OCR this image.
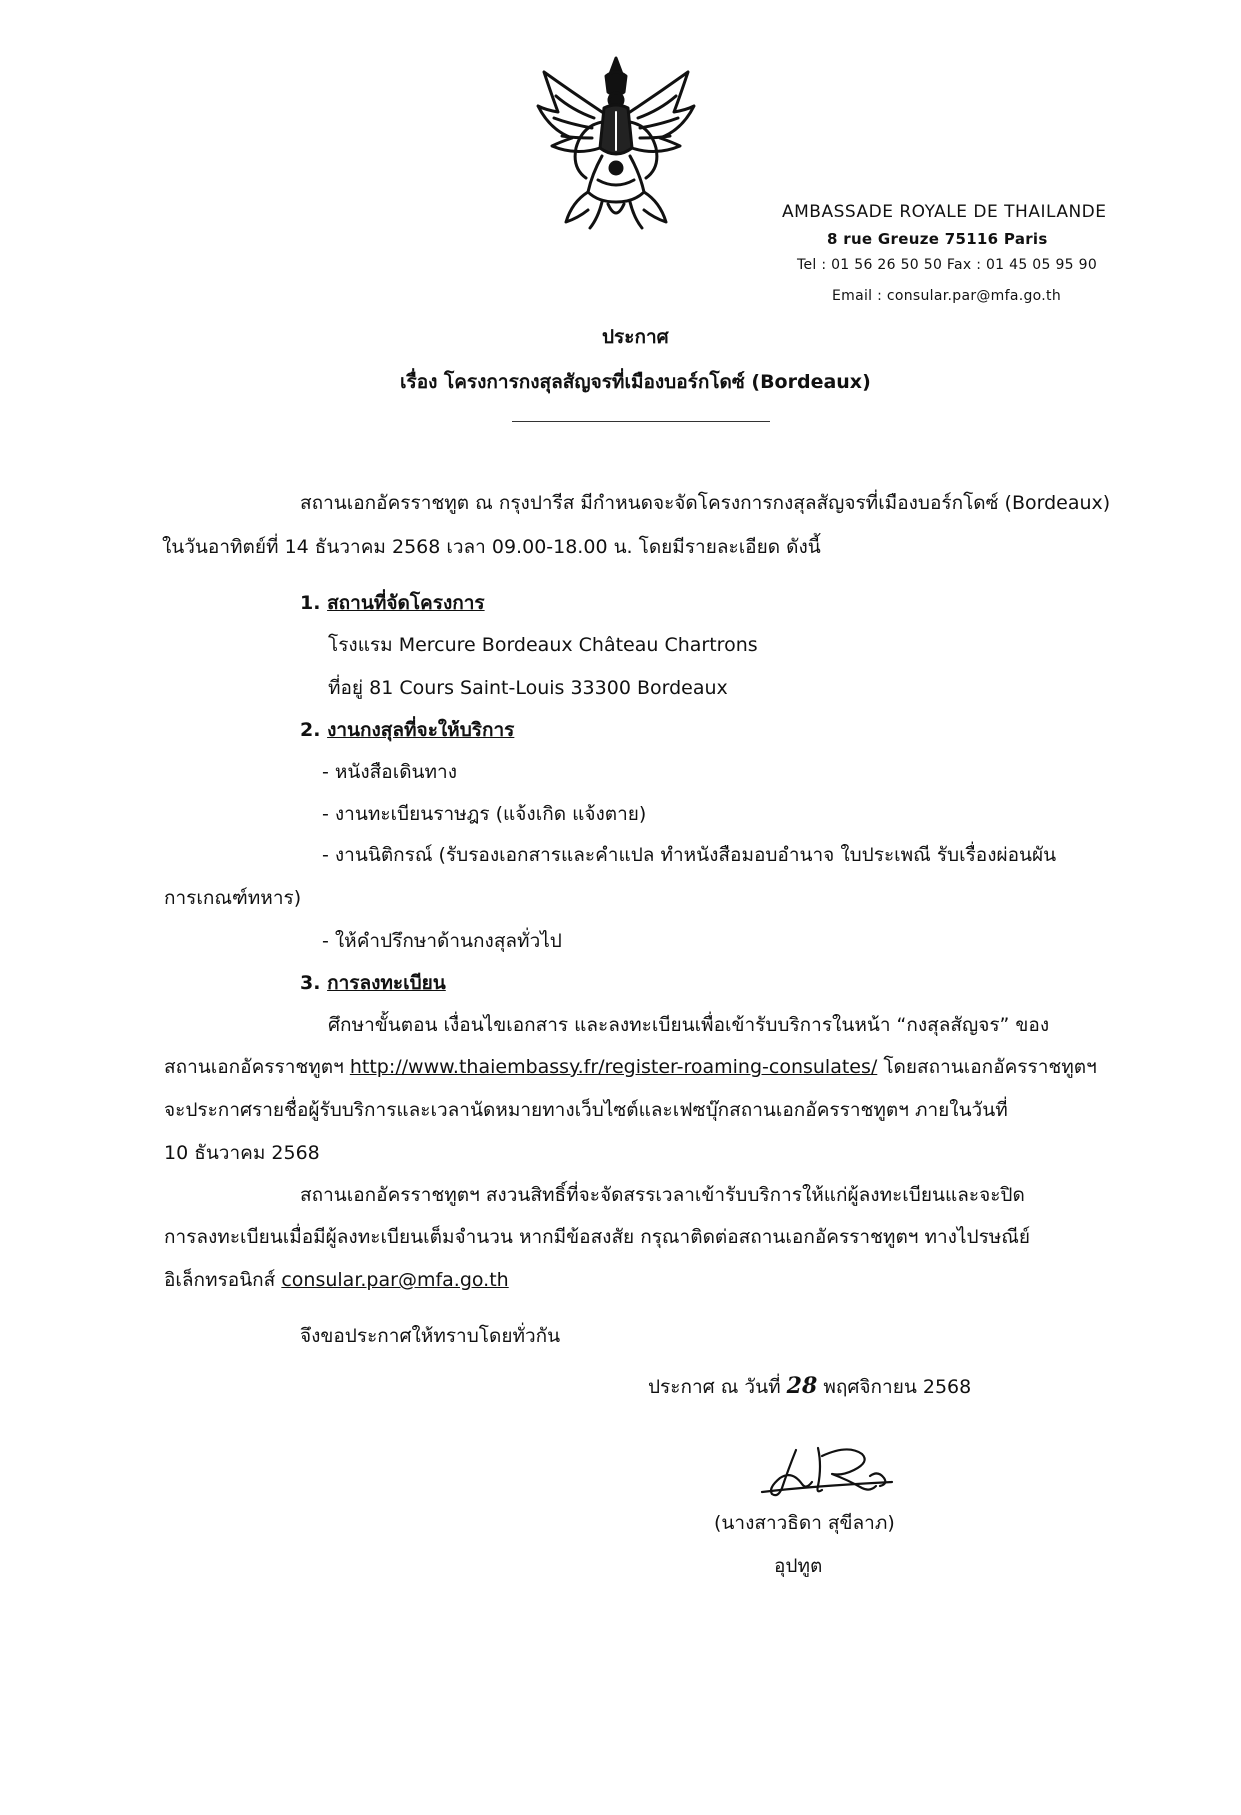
AMBASSADE ROYALE DE THAILANDE
8 rue Greuze 75116 Paris
Tel : 01 56 26 50 50 Fax : 01 45 05 95 90
Email : consular.par@mfa.go.th
ประกาศ
เรื่อง โครงการกงสุลสัญจรที่เมืองบอร์กโดซ์ (Bordeaux)
สถานเอกอัครราชทูต ณ กรุงปารีส มีกำหนดจะจัดโครงการกงสุลสัญจรที่เมืองบอร์กโดซ์ (Bordeaux)
ในวันอาทิตย์ที่ 14 ธันวาคม 2568 เวลา 09.00-18.00 น. โดยมีรายละเอียด ดังนี้
1. สถานที่จัดโครงการ
โรงแรม Mercure Bordeaux Château Chartrons
ที่อยู่ 81 Cours Saint-Louis 33300 Bordeaux
2. งานกงสุลที่จะให้บริการ
- หนังสือเดินทาง
- งานทะเบียนราษฎร (แจ้งเกิด แจ้งตาย)
- งานนิติกรณ์ (รับรองเอกสารและคำแปล ทำหนังสือมอบอำนาจ ใบประเพณี รับเรื่องผ่อนผัน
การเกณฑ์ทหาร)
- ให้คำปรึกษาด้านกงสุลทั่วไป
3. การลงทะเบียน
ศึกษาขั้นตอน เงื่อนไขเอกสาร และลงทะเบียนเพื่อเข้ารับบริการในหน้า “กงสุลสัญจร” ของ
สถานเอกอัครราชทูตฯ http://www.thaiembassy.fr/register-roaming-consulates/ โดยสถานเอกอัครราชทูตฯ
จะประกาศรายชื่อผู้รับบริการและเวลานัดหมายทางเว็บไซต์และเฟซบุ๊กสถานเอกอัครราชทูตฯ ภายในวันที่
10 ธันวาคม 2568
สถานเอกอัครราชทูตฯ สงวนสิทธิ์ที่จะจัดสรรเวลาเข้ารับบริการให้แก่ผู้ลงทะเบียนและจะปิด
การลงทะเบียนเมื่อมีผู้ลงทะเบียนเต็มจำนวน หากมีข้อสงสัย กรุณาติดต่อสถานเอกอัครราชทูตฯ ทางไปรษณีย์
อิเล็กทรอนิกส์ consular.par@mfa.go.th
จึงขอประกาศให้ทราบโดยทั่วกัน
ประกาศ ณ วันที่ 28 พฤศจิกายน 2568
(นางสาวธิดา สุขีลาภ)
อุปทูต
